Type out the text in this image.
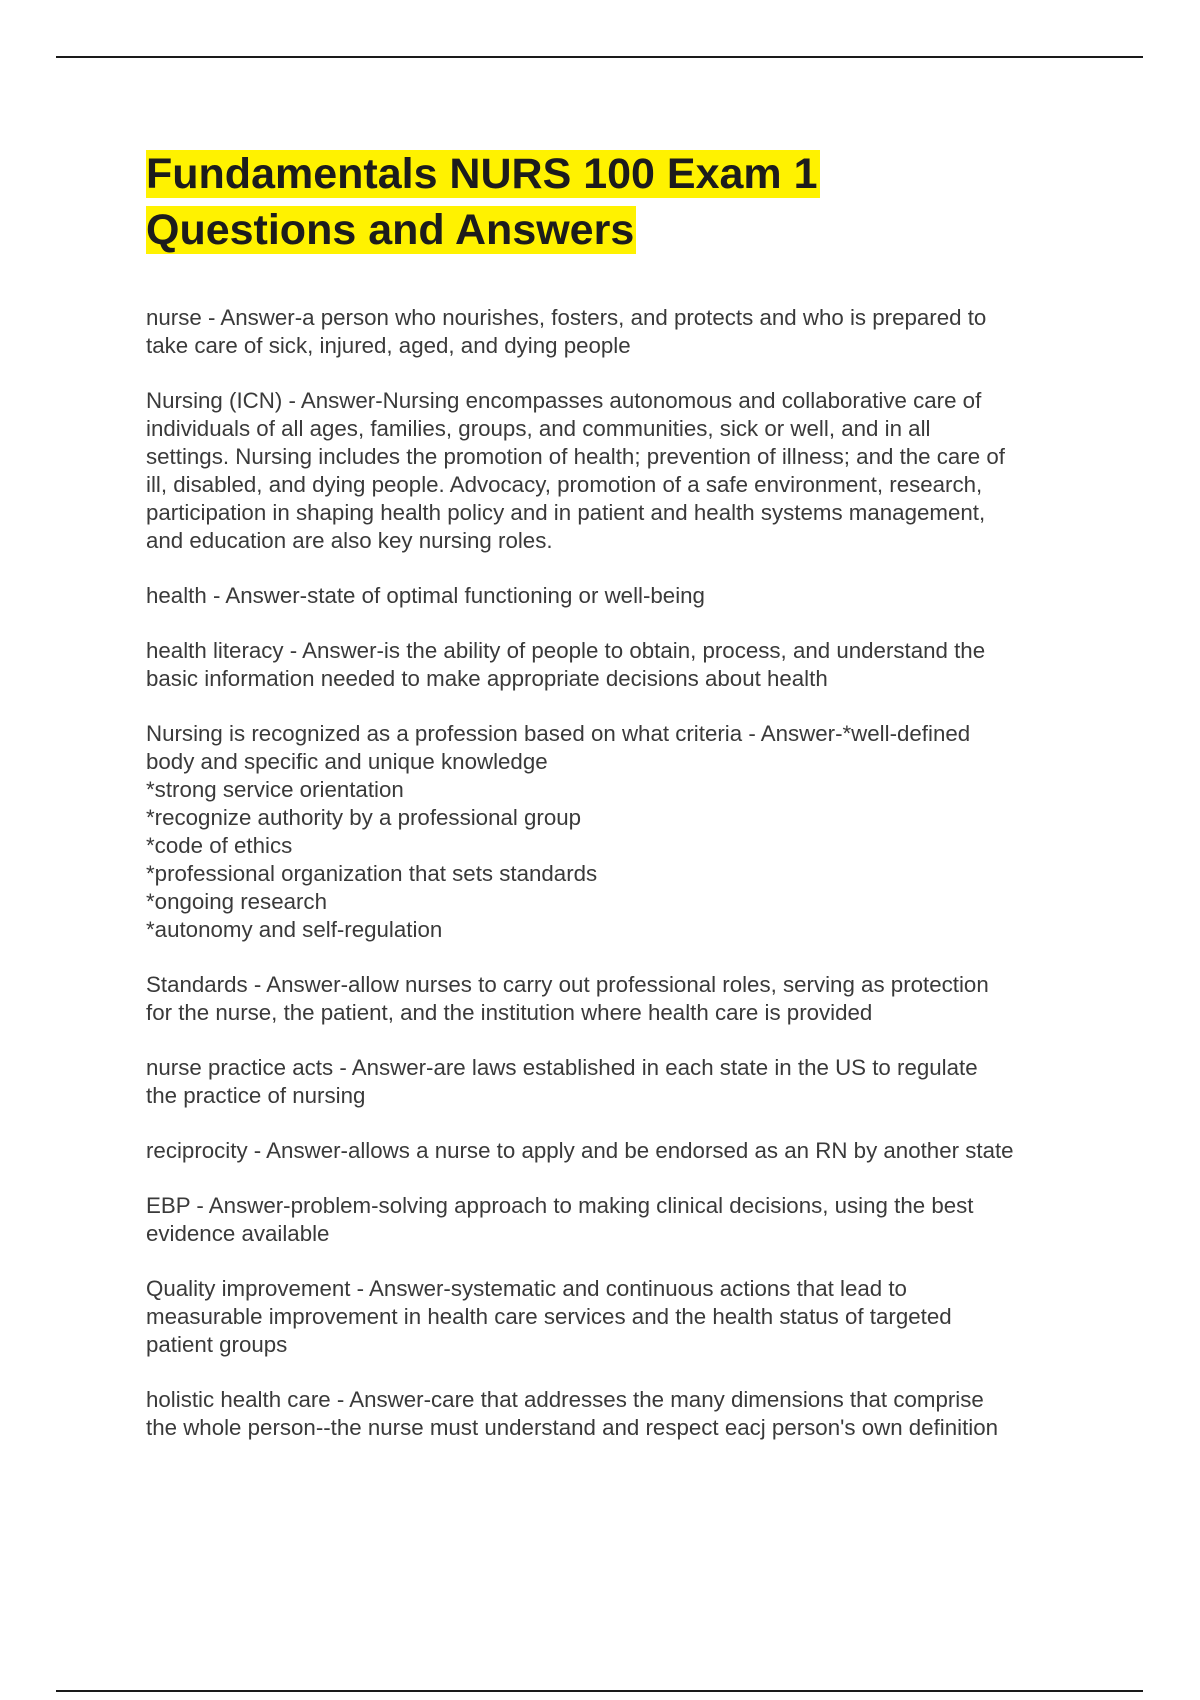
Fundamentals NURS 100 Exam 1
Questions and Answers
nurse - Answer-a person who nourishes, fosters, and protects and who is prepared to
take care of sick, injured, aged, and dying people
Nursing (ICN) - Answer-Nursing encompasses autonomous and collaborative care of
individuals of all ages, families, groups, and communities, sick or well, and in all
settings. Nursing includes the promotion of health; prevention of illness; and the care of
ill, disabled, and dying people. Advocacy, promotion of a safe environment, research,
participation in shaping health policy and in patient and health systems management,
and education are also key nursing roles.
health - Answer-state of optimal functioning or well-being
health literacy - Answer-is the ability of people to obtain, process, and understand the
basic information needed to make appropriate decisions about health
Nursing is recognized as a profession based on what criteria - Answer-*well-defined
body and specific and unique knowledge
*strong service orientation
*recognize authority by a professional group
*code of ethics
*professional organization that sets standards
*ongoing research
*autonomy and self-regulation
Standards - Answer-allow nurses to carry out professional roles, serving as protection
for the nurse, the patient, and the institution where health care is provided
nurse practice acts - Answer-are laws established in each state in the US to regulate
the practice of nursing
reciprocity - Answer-allows a nurse to apply and be endorsed as an RN by another state
EBP - Answer-problem-solving approach to making clinical decisions, using the best
evidence available
Quality improvement - Answer-systematic and continuous actions that lead to
measurable improvement in health care services and the health status of targeted
patient groups
holistic health care - Answer-care that addresses the many dimensions that comprise
the whole person--the nurse must understand and respect eacj person's own definition
